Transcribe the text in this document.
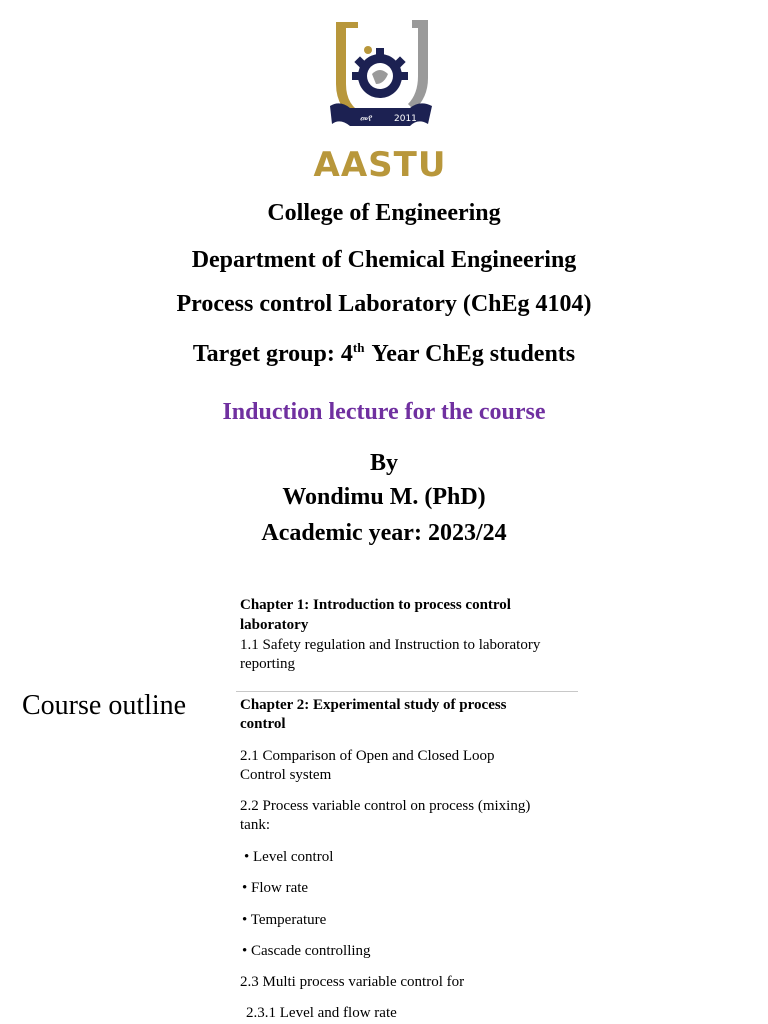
መየ 2011
AASTU
College of Engineering
Department of Chemical Engineering
Process control Laboratory (ChEg 4104)
Target group: 4th Year ChEg students
Induction lecture for the course
By
Wondimu M. (PhD)
Academic year: 2023/24
Course outline
Chapter 1: Introduction to process control
laboratory
1.1 Safety regulation and Instruction to laboratory
reporting
Chapter 2: Experimental study of process
control
2.1 Comparison of Open and Closed Loop
Control system
2.2 Process variable control on process (mixing)
tank:
• Level control
• Flow rate
• Temperature
• Cascade controlling
2.3 Multi process variable control for
2.3.1 Level and flow rate
